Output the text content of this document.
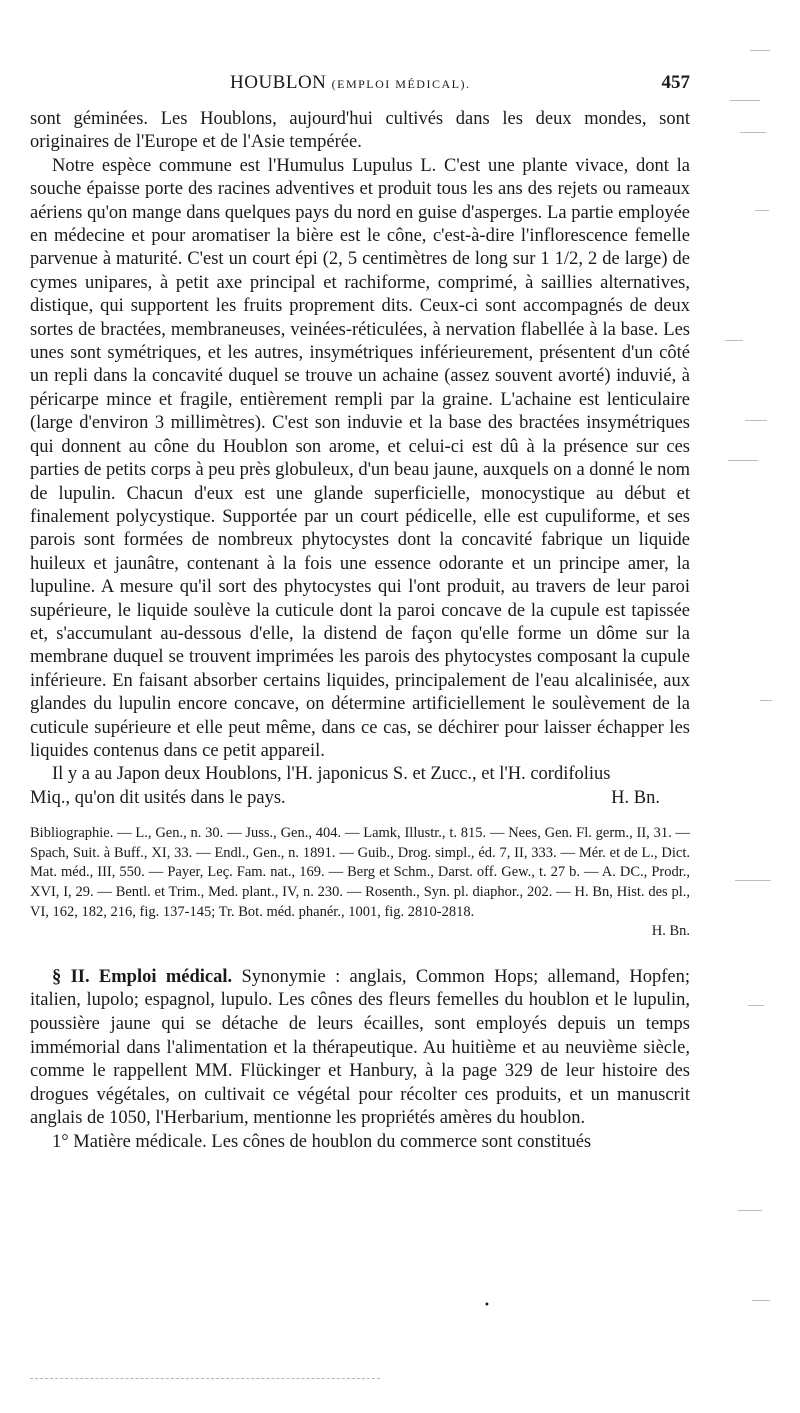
HOUBLON (EMPLOI MÉDICAL).	457

sont géminées. Les Houblons, aujourd'hui cultivés dans les deux mondes, sont originaires de l'Europe et de l'Asie tempérée.

Notre espèce commune est l'Humulus Lupulus L. C'est une plante vivace, dont la souche épaisse porte des racines adventives et produit tous les ans des rejets ou rameaux aériens qu'on mange dans quelques pays du nord en guise d'asperges. La partie employée en médecine et pour aromatiser la bière est le cône, c'est-à-dire l'inflorescence femelle parvenue à maturité. C'est un court épi (2, 5 centimètres de long sur 1 1/2, 2 de large) de cymes unipares, à petit axe principal et rachiforme, comprimé, à saillies alternatives, distique, qui supportent les fruits proprement dits. Ceux-ci sont accompagnés de deux sortes de bractées, membraneuses, veinées-réticulées, à nervation flabellée à la base. Les unes sont symétriques, et les autres, insymétriques inférieurement, présentent d'un côté un repli dans la concavité duquel se trouve un achaine (assez souvent avorté) induvié, à péricarpe mince et fragile, entièrement rempli par la graine. L'achaine est lenticulaire (large d'environ 3 millimètres). C'est son induvie et la base des bractées insymétriques qui donnent au cône du Houblon son arome, et celui-ci est dû à la présence sur ces parties de petits corps à peu près globuleux, d'un beau jaune, auxquels on a donné le nom de lupulin. Chacun d'eux est une glande superficielle, monocystique au début et finalement polycystique. Supportée par un court pédicelle, elle est cupuliforme, et ses parois sont formées de nombreux phytocystes dont la concavité fabrique un liquide huileux et jaunâtre, contenant à la fois une essence odorante et un principe amer, la lupuline. A mesure qu'il sort des phytocystes qui l'ont produit, au travers de leur paroi supérieure, le liquide soulève la cuticule dont la paroi concave de la cupule est tapissée et, s'accumulant au-dessous d'elle, la distend de façon qu'elle forme un dôme sur la membrane duquel se trouvent imprimées les parois des phytocystes composant la cupule inférieure. En faisant absorber certains liquides, principalement de l'eau alcalinisée, aux glandes du lupulin encore concave, on détermine artificiellement le soulèvement de la cuticule supérieure et elle peut même, dans ce cas, se déchirer pour laisser échapper les liquides contenus dans ce petit appareil.

Il y a au Japon deux Houblons, l'H. japonicus S. et Zucc., et l'H. cordifolius

Miq., qu'on dit usités dans le pays.	H. Bn.

Bibliographie. — L., Gen., n. 30. — Juss., Gen., 404. — Lamk, Illustr., t. 815. — Nees, Gen. Fl. germ., II, 31. — Spach, Suit. à Buff., XI, 33. — Endl., Gen., n. 1891. — Guib., Drog. simpl., éd. 7, II, 333. — Mér. et de L., Dict. Mat. méd., III, 550. — Payer, Leç. Fam. nat., 169. — Berg et Schm., Darst. off. Gew., t. 27 b. — A. DC., Prodr., XVI, I, 29. — Bentl. et Trim., Med. plant., IV, n. 230. — Rosenth., Syn. pl. diaphor., 202. — H. Bn, Hist. des pl., VI, 162, 182, 216, fig. 137-145; Tr. Bot. méd. phanér., 1001, fig. 2810-2818.

H. Bn.

§ II. Emploi médical. Synonymie : anglais, Common Hops; allemand, Hopfen; italien, lupolo; espagnol, lupulo. Les cônes des fleurs femelles du houblon et le lupulin, poussière jaune qui se détache de leurs écailles, sont employés depuis un temps immémorial dans l'alimentation et la thérapeutique. Au huitième et au neuvième siècle, comme le rappellent MM. Flückinger et Hanbury, à la page 329 de leur histoire des drogues végétales, on cultivait ce végétal pour récolter ces produits, et un manuscrit anglais de 1050, l'Herbarium, mentionne les propriétés amères du houblon.

1° Matière médicale. Les cônes de houblon du commerce sont constitués

•
